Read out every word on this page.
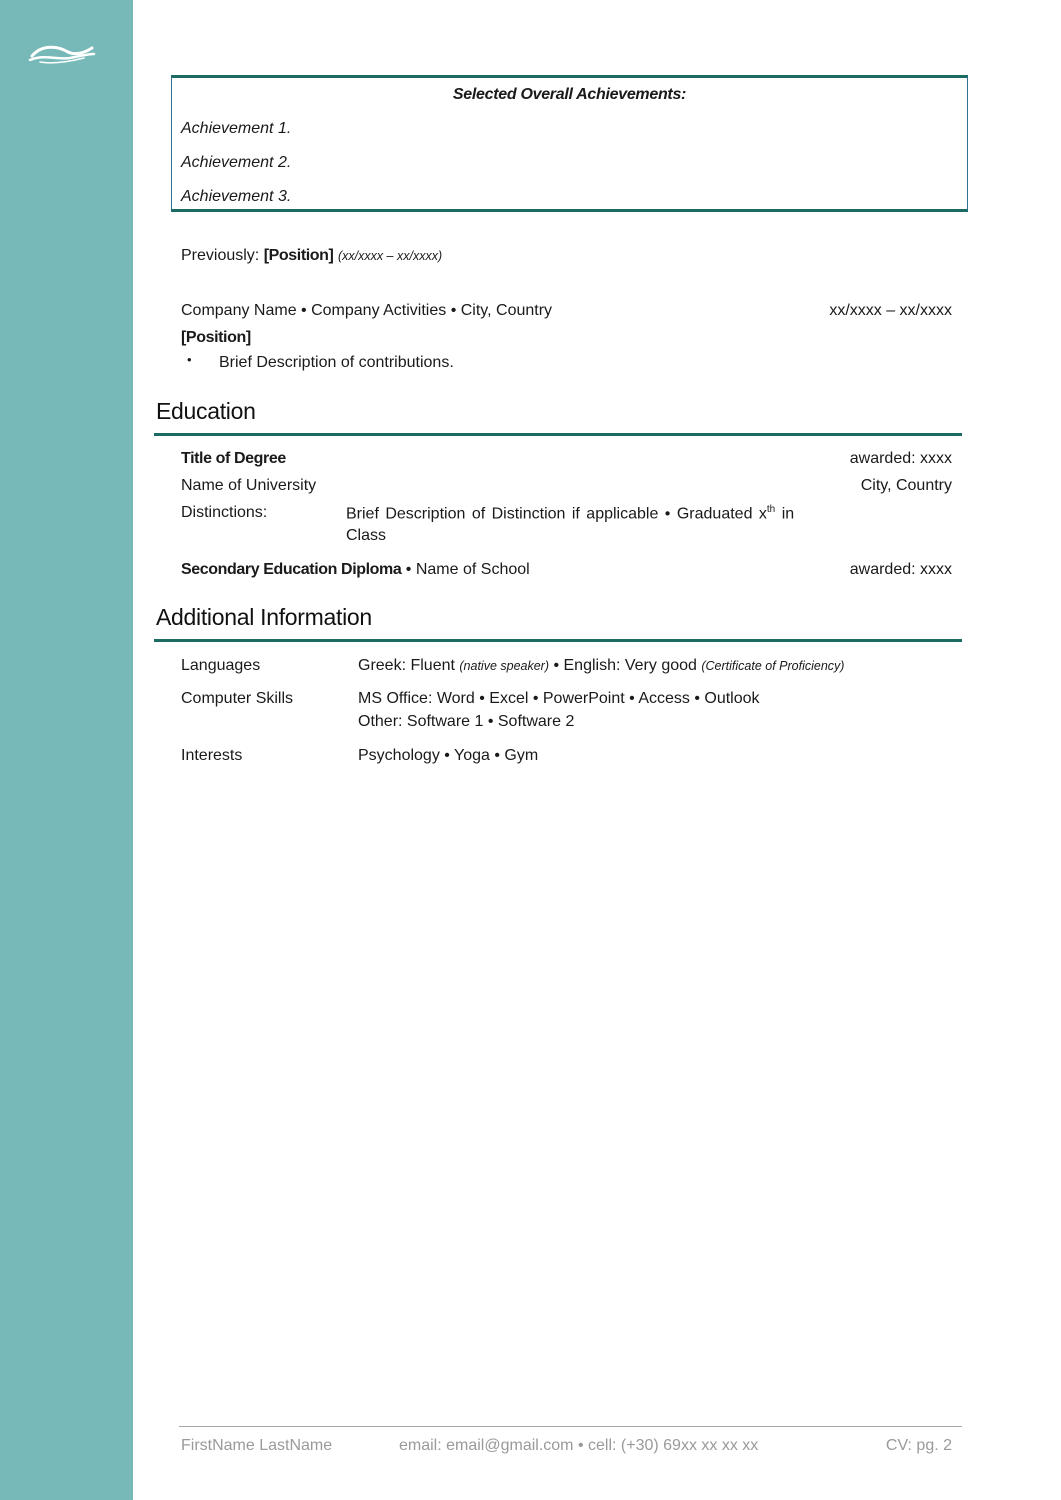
Selected Overall Achievements:
Achievement 1.
Achievement 2.
Achievement 3.
Previously: [Position] (xx/xxxx – xx/xxxx)
Company Name • Company Activities • City, Country	xx/xxxx – xx/xxxx
[Position]
• Brief Description of contributions.
Education
Title of Degree	awarded: xxxx
Name of University	City, Country
Distinctions:	Brief Description of Distinction if applicable • Graduated $x^{th}$ in
Class
Secondary Education Diploma • Name of School	awarded: xxxx
Additional Information
Languages	Greek: Fluent (native speaker) • English: Very good (Certificate of Proficiency)
Computer Skills	MS Office: Word • Excel • PowerPoint • Access • Outlook
Other: Software 1 • Software 2
Interests	Psychology • Yoga • Gym
FirstName LastName	email: email@gmail.com • cell: (+30) 69xx xx xx xx	CV: pg. 2
